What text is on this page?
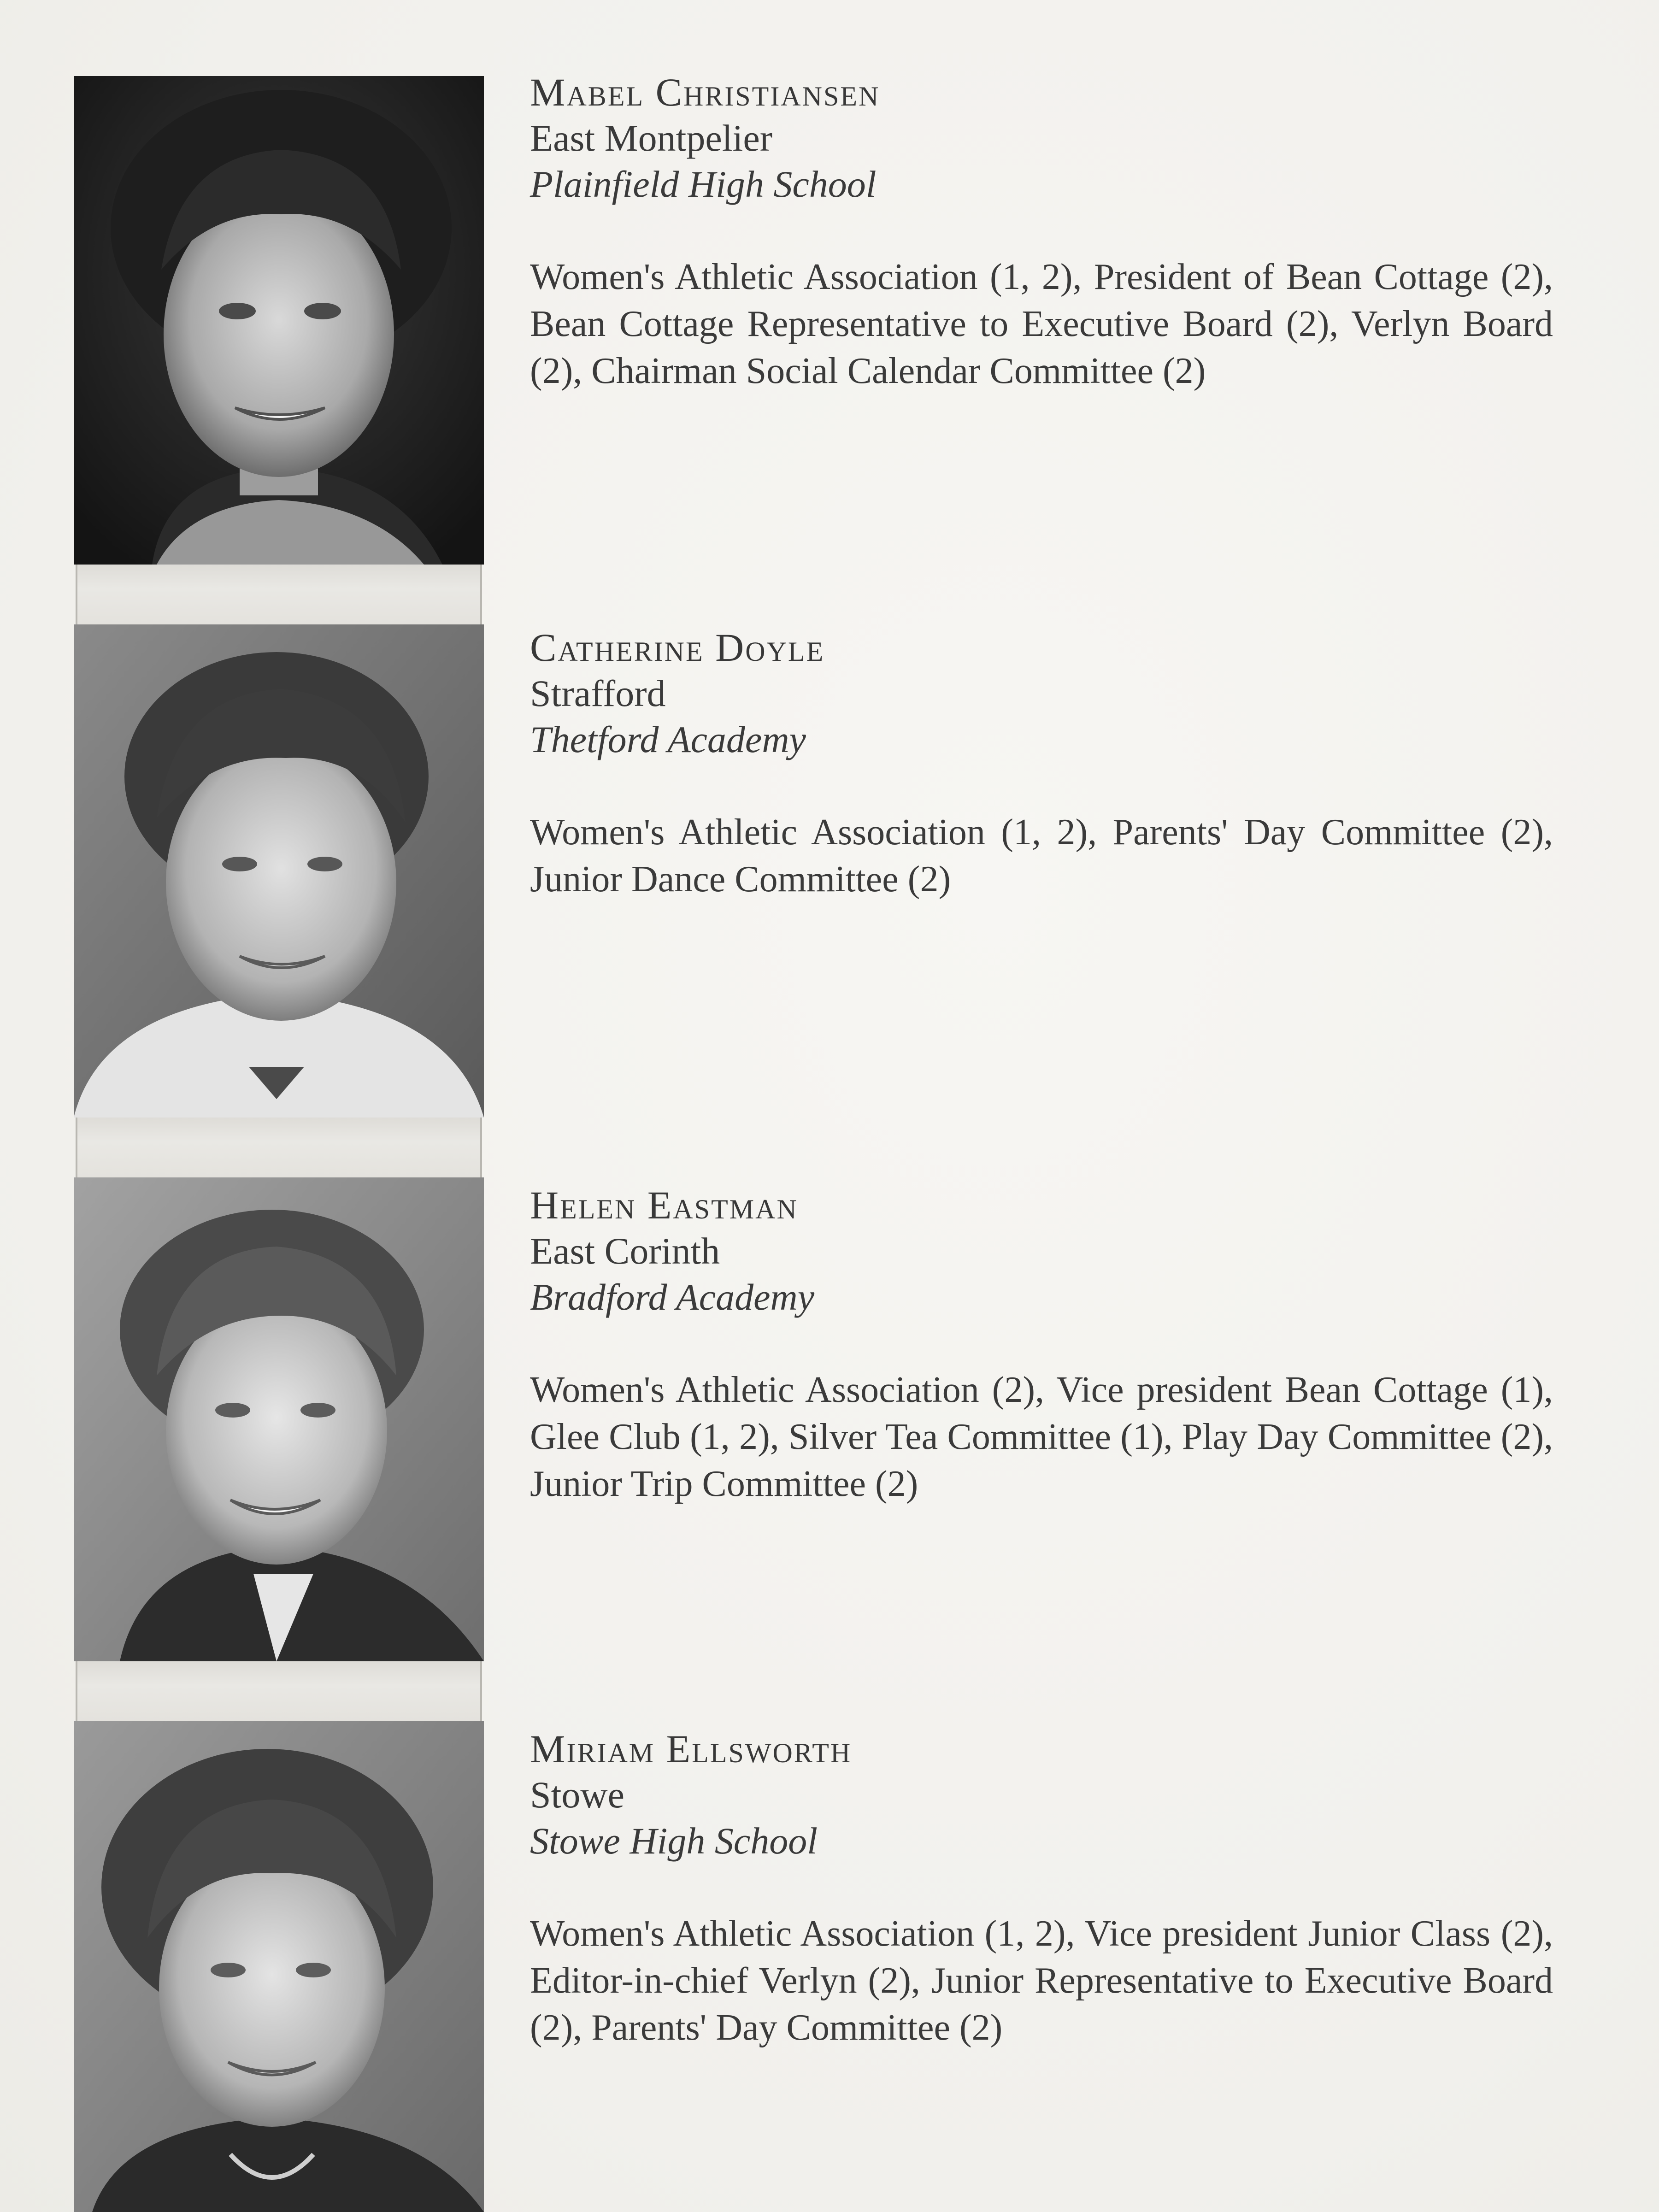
Mabel Christiansen

East Montpelier

Plainfield High School

Women's Athletic Association (1, 2), President of Bean Cottage (2), Bean Cottage Representative to Executive Board (2), Verlyn Board (2), Chairman Social Calendar Committee (2)

Catherine Doyle

Strafford

Thetford Academy

Women's Athletic Association (1, 2), Parents' Day Committee (2), Junior Dance Committee (2)

Helen Eastman

East Corinth

Bradford Academy

Women's Athletic Association (2), Vice president Bean Cottage (1), Glee Club (1, 2), Silver Tea Committee (1), Play Day Committee (2), Junior Trip Committee (2)

Miriam Ellsworth

Stowe

Stowe High School

Women's Athletic Association (1, 2), Vice president Junior Class (2), Editor-in-chief Verlyn (2), Junior Representative to Executive Board (2), Parents' Day Committee (2)
